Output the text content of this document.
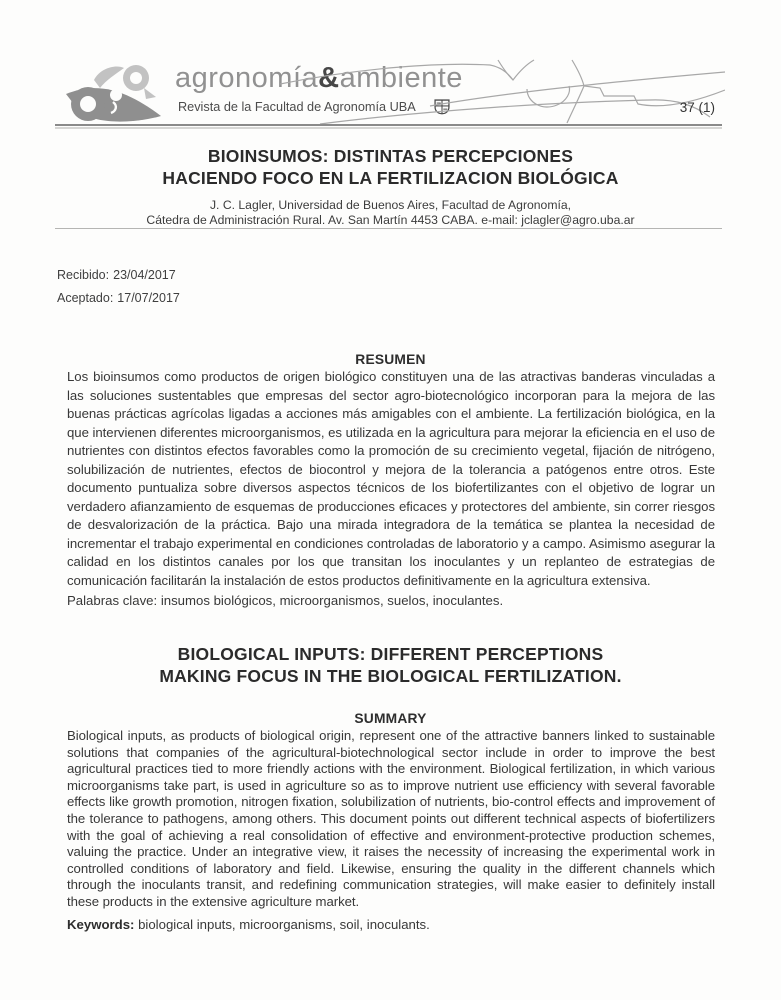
agronomía&ambiente
Revista de la Facultad de Agronomía UBA	37 (1)
BIOINSUMOS: DISTINTAS PERCEPCIONES
HACIENDO FOCO EN LA FERTILIZACION BIOLÓGICA
J. C. Lagler, Universidad de Buenos Aires, Facultad de Agronomía,
Cátedra de Administración Rural. Av. San Martín 4453 CABA. e-mail: jclagler@agro.uba.ar
Recibido: 23/04/2017
Aceptado: 17/07/2017
RESUMEN

Los bioinsumos como productos de origen biológico constituyen una de las atractivas banderas vinculadas a las soluciones sustentables que empresas del sector agro-biotecnológico incorporan para la mejora de las buenas prácticas agrícolas ligadas a acciones más amigables con el ambiente. La fertilización biológica, en la que intervienen diferentes microorganismos, es utilizada en la agricultura para mejorar la eficiencia en el uso de nutrientes con distintos efectos favorables como la promoción de su crecimiento vegetal, fijación de nitrógeno, solubilización de nutrientes, efectos de biocontrol y mejora de la tolerancia a patógenos entre otros. Este documento puntualiza sobre diversos aspectos técnicos de los biofertilizantes con el objetivo de lograr un verdadero afianzamiento de esquemas de producciones eficaces y protectores del ambiente, sin correr riesgos de desvalorización de la práctica. Bajo una mirada integradora de la temática se plantea la necesidad de incrementar el trabajo experimental en condiciones controladas de laboratorio y a campo. Asimismo asegurar la calidad en los distintos canales por los que transitan los inoculantes y un replanteo de estrategias de comunicación facilitarán la instalación de estos productos definitivamente en la agricultura extensiva.

Palabras clave: insumos biológicos, microorganismos, suelos, inoculantes.

BIOLOGICAL INPUTS: DIFFERENT PERCEPTIONS
MAKING FOCUS IN THE BIOLOGICAL FERTILIZATION.
SUMMARY

Biological inputs, as products of biological origin, represent one of the attractive banners linked to sustainable solutions that companies of the agricultural-biotechnological sector include in order to improve the best agricultural practices tied to more friendly actions with the environment. Biological fertilization, in which various microorganisms take part, is used in agriculture so as to improve nutrient use efficiency with several favorable effects like growth promotion, nitrogen fixation, solubilization of nutrients, bio-control effects and improvement of the tolerance to pathogens, among others. This document points out different technical aspects of biofertilizers with the goal of achieving a real consolidation of effective and environment-protective production schemes, valuing the practice. Under an integrative view, it raises the necessity of increasing the experimental work in controlled conditions of laboratory and field. Likewise, ensuring the quality in the different channels which through the inoculants transit, and redefining communication strategies, will make easier to definitely install these products in the extensive agriculture market.

Keywords: biological inputs, microorganisms, soil, inoculants.
